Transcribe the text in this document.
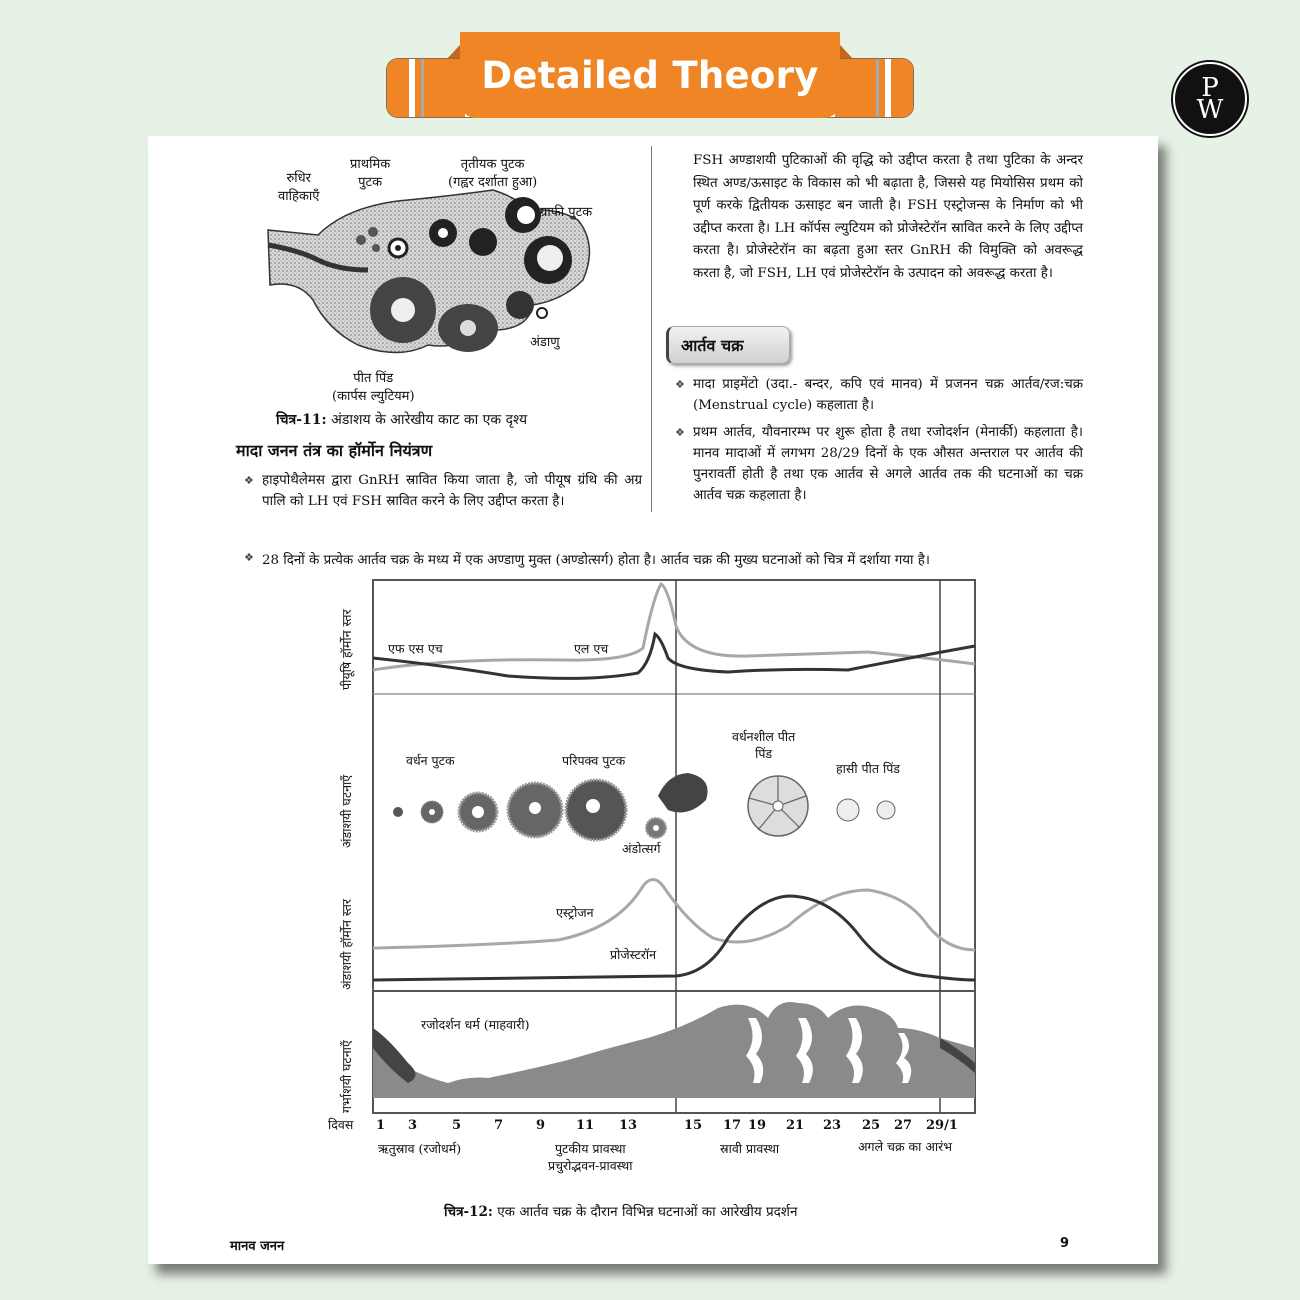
Detailed Theory	P
W
रुधिर
वाहिकाएँ
प्राथमिक
पुटक
तृतीयक पुटक
(गह्वर दर्शाता हुआ)
ग्राफी पुटक
अंडाणु
पीत पिंड
(कार्पस ल्युटियम)
चित्र-11: अंडाशय के आरेखीय काट का एक दृश्य
मादा जनन तंत्र का हॉर्मोन नियंत्रण
❖ हाइपोथैलेमस द्वारा GnRH स्रावित किया जाता है, जो पीयूष ग्रंथि की अग्र पालि को LH एवं FSH स्रावित करने के लिए उद्दीप्त करता है।
FSH अण्डाशयी पुटिकाओं की वृद्धि को उद्दीप्त करता है तथा पुटिका के अन्दर स्थित अण्ड/ऊसाइट के विकास को भी बढ़ाता है, जिससे यह मियोसिस प्रथम को पूर्ण करके द्वितीयक ऊसाइट बन जाती है। FSH एस्ट्रोजन्स के निर्माण को भी उद्दीप्त करता है। LH कॉर्पस ल्युटियम को प्रोजेस्टेरॉन स्रावित करने के लिए उद्दीप्त करता है। प्रोजेस्टेरॉन का बढ़ता हुआ स्तर GnRH की विमुक्ति को अवरूद्ध करता है, जो FSH, LH एवं प्रोजेस्टेरॉन के उत्पादन को अवरूद्ध करता है।
आर्तव चक्र
❖ मादा प्राइमेंटो (उदा.- बन्दर, कपि एवं मानव) में प्रजनन चक्र आर्तव/रज:चक्र (Menstrual cycle) कहलाता है।
❖ प्रथम आर्तव, यौवनारम्भ पर शुरू होता है तथा रजोदर्शन (मेनार्की) कहलाता है। मानव मादाओं में लगभग 28/29 दिनों के एक औसत अन्तराल पर आर्तव की पुनरावर्ती होती है तथा एक आर्तव से अगले आर्तव तक की घटनाओं का चक्र आर्तव चक्र कहलाता है।
❖ 28 दिनों के प्रत्येक आर्तव चक्र के मध्य में एक अण्डाणु मुक्त (अण्डोत्सर्ग) होता है। आर्तव चक्र की मुख्य घटनाओं को चित्र में दर्शाया गया है।
पीयूषि हॉर्मोन स्तर
अंडाशयी घटनाएँ
अंडाशयी हॉर्मोन स्तर
गर्भाशयी घटनाएँ
एफ एस एच	एल एच
वर्धन पुटक	परिपक्व पुटक
अंडोत्सर्ग
वर्धनशील पीत
पिंड
हासी पीत पिंड
एस्ट्रोजन
प्रोजेस्टरॉन
रजोदर्शन धर्म (माहवारी)
दिवस 1 3	5	7	9 11 13	15 17 19 21 23 25 27 29/1
ऋतुस्राव (रजोधर्म)	पुटकीय प्रावस्था
प्रचुरोद्भवन-प्रावस्था
स्रावी प्रावस्था	अगले चक्र का आरंभ
चित्र-12: एक आर्तव चक्र के दौरान विभिन्न घटनाओं का आरेखीय प्रदर्शन
मानव जनन	9
